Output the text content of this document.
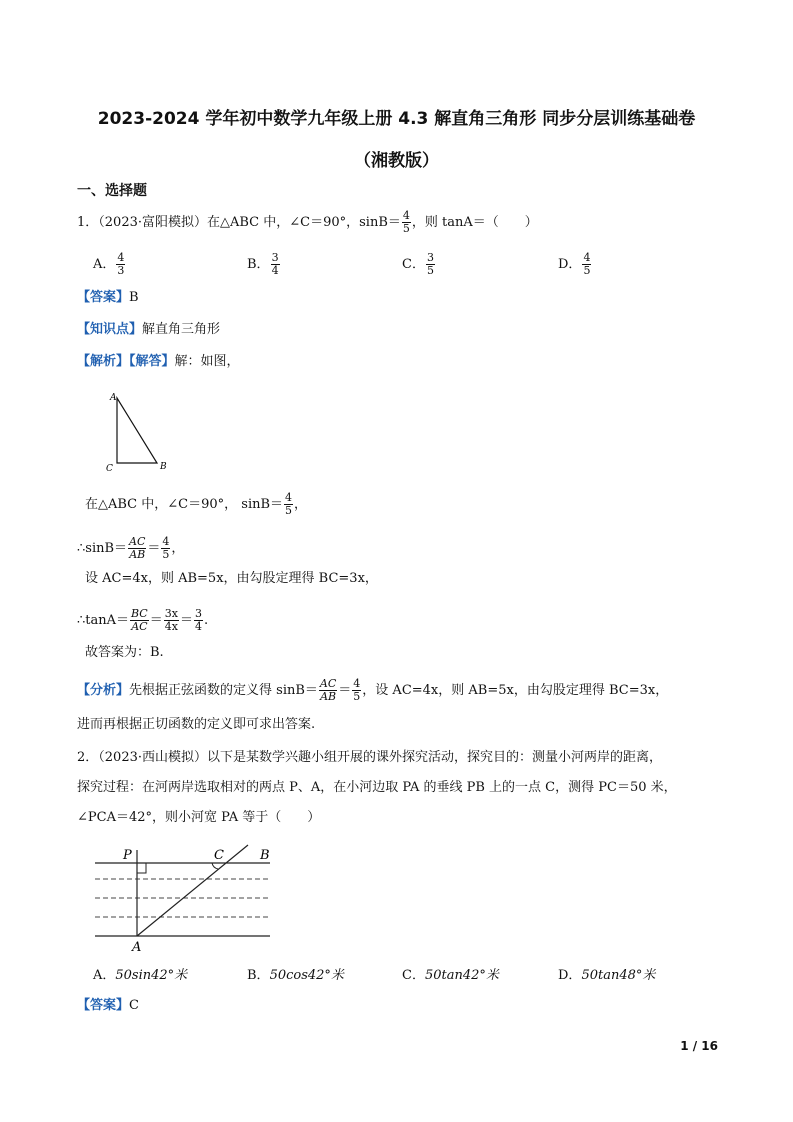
2023-2024 学年初中数学九年级上册 4.3 解直角三角形 同步分层训练基础卷
（湘教版）
一、选择题
1．（2023·富阳模拟）在△ABC 中，∠C＝90°，$\sin B= \frac{4}{5}$ ，则 tanA＝（　　）
A． $\frac{4}{3}$	B． $\frac{3}{4}$	C． $\frac{3}{5}$	D． $\frac{4}{5}$
【答案】B
【知识点】解直角三角形
【解析】【解答】解：如图，
A
B
C
在△ABC 中，∠C＝90°， $\sin B= \frac{4}{5}$ ，
∴sinB＝ $\frac{AC}{AB} = \frac{4}{5}$ ，
设 AC=4x，则 AB=5x，由勾股定理得 BC=3x，
∴tanA＝ $\frac{BC}{AC} = \frac{3x}{4x} = \frac{3}{4}$ .
故答案为：B.
【分析】先根据正弦函数的定义得 $\sin B= \frac{AC}{AB} = \frac{4}{5}$ ，设 AC=4x，则 AB=5x，由勾股定理得 BC=3x，
进而再根据正切函数的定义即可求出答案.
2．（2023·西山模拟）以下是某数学兴趣小组开展的课外探究活动，探究目的：测量小河两岸的距离，
探究过程：在河两岸选取相对的两点 P、A，在小河边取 PA 的垂线 PB 上的一点 C，测得 PC＝50 米，
∠PCA＝42°，则小河宽 PA 等于（　　）
P	C	B
A
A．50sin42°米	B．50cos42°米	C．50tan42°米	D．50tan48°米
【答案】C
1 / 16
